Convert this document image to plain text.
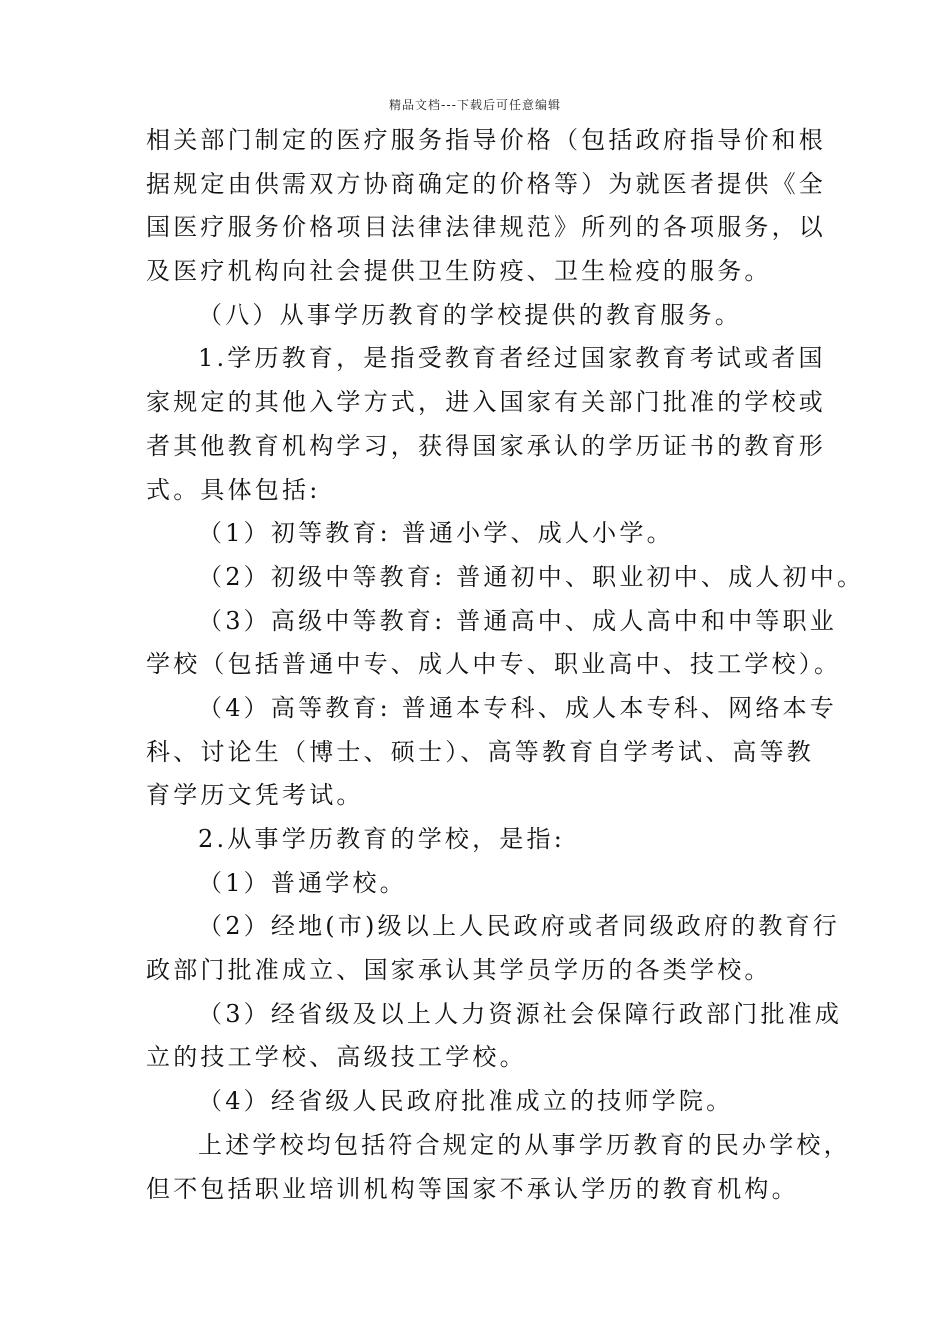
精品文档---下载后可任意编辑
相关部门制定的医疗服务指导价格（包括政府指导价和根
据规定由供需双方协商确定的价格等）为就医者提供《全
国医疗服务价格项目法律法律规范》所列的各项服务，以
及医疗机构向社会提供卫生防疫、卫生检疫的服务。
（八）从事学历教育的学校提供的教育服务。
1.学历教育，是指受教育者经过国家教育考试或者国
家规定的其他入学方式，进入国家有关部门批准的学校或
者其他教育机构学习，获得国家承认的学历证书的教育形
式。具体包括:
（1）初等教育: 普通小学、成人小学。
（2）初级中等教育: 普通初中、职业初中、成人初中。
（3）高级中等教育: 普通高中、成人高中和中等职业
学校（包括普通中专、成人中专、职业高中、技工学校）。
（4）高等教育: 普通本专科、成人本专科、网络本专
科、讨论生（博士、硕士）、高等教育自学考试、高等教
育学历文凭考试。
2.从事学历教育的学校，是指:
（1）普通学校。
（2）经地(市)级以上人民政府或者同级政府的教育行
政部门批准成立、国家承认其学员学历的各类学校。
（3）经省级及以上人力资源社会保障行政部门批准成
立的技工学校、高级技工学校。
（4）经省级人民政府批准成立的技师学院。
上述学校均包括符合规定的从事学历教育的民办学校，
但不包括职业培训机构等国家不承认学历的教育机构。
